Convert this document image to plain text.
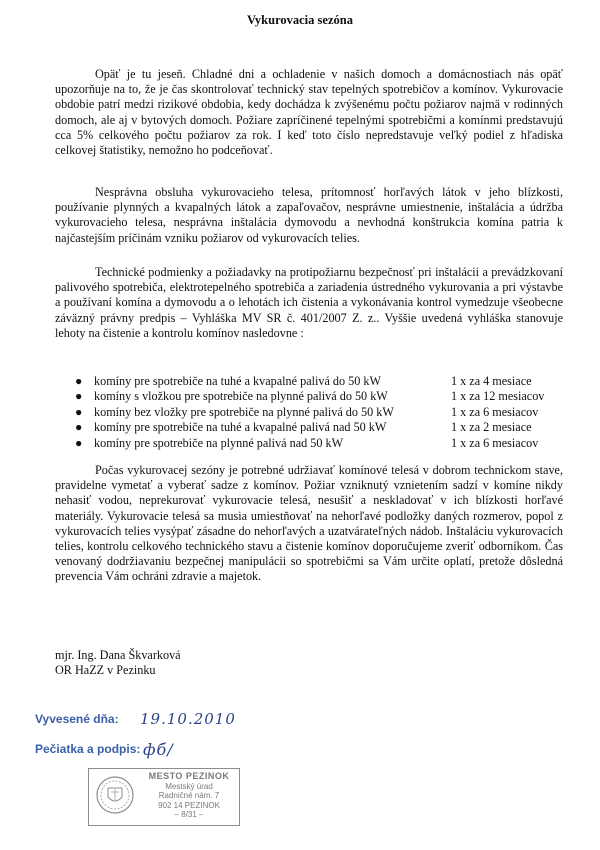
Vykurovacia sezóna

Opäť je tu jeseň. Chladné dni a ochladenie v našich domoch a domácnostiach nás opäť upozorňuje na to, že je čas skontrolovať technický stav tepelných spotrebičov a komínov. Vykurovacie obdobie patrí medzi rizikové obdobia, kedy dochádza k zvýšenému počtu požiarov najmä v rodinných domoch, ale aj v bytových domoch. Požiare zapríčinené tepelnými spotrebičmi a komínmi predstavujú cca 5% celkového počtu požiarov za rok. I keď toto číslo nepredstavuje veľký podiel z hľadiska celkovej štatistiky, nemožno ho podceňovať.

Nesprávna obsluha vykurovacieho telesa, prítomnosť horľavých látok v jeho blízkosti, používanie plynných a kvapalných látok a zapaľovačov, nesprávne umiestnenie, inštalácia a údržba vykurovacieho telesa, nesprávna inštalácia dymovodu a nevhodná konštrukcia komína patria k najčastejším príčinám vzniku požiarov od vykurovacích telies.

Technické podmienky a požiadavky na protipožiarnu bezpečnosť pri inštalácii a prevádzkovaní palivového spotrebiča, elektrotepelného spotrebiča a zariadenia ústredného vykurovania a pri výstavbe a používaní komína a dymovodu a o lehotách ich čistenia a vykonávania kontrol vymedzuje všeobecne záväzný právny predpis – Vyhláška MV SR č. 401/2007 Z. z.. Vyššie uvedená vyhláška stanovuje lehoty na čistenie a kontrolu komínov nasledovne :

● komíny pre spotrebiče na tuhé a kvapalné palivá do 50 kW	1 x za 4 mesiace
● komíny s vložkou pre spotrebiče na plynné palivá do 50 kW	1 x za 12 mesiacov
● komíny bez vložky pre spotrebiče na plynné palivá do 50 kW	1 x za 6 mesiacov
● komíny pre spotrebiče na tuhé a kvapalné palivá nad 50 kW	1 x za 2 mesiace
● komíny pre spotrebiče na plynné palivá nad 50 kW	1 x za 6 mesiacov

Počas vykurovacej sezóny je potrebné udržiavať komínové telesá v dobrom technickom stave, pravidelne vymetať a vyberať sadze z komínov. Požiar vzniknutý vznietením sadzí v komíne nikdy nehasiť vodou, neprekurovať vykurovacie telesá, nesušiť a neskladovať v ich blízkosti horľavé materiály. Vykurovacie telesá sa musia umiestňovať na nehorľavé podložky daných rozmerov, popol z vykurovacích telies vysýpať zásadne do nehorľavých a uzatvárateľných nádob. Inštaláciu vykurovacích telies, kontrolu celkového technického stavu a čistenie komínov doporučujeme zveriť odborníkom. Čas venovaný dodržiavaniu bezpečnej manipulácii so spotrebičmi sa Vám určite oplatí, pretože dôsledná prevencia Vám ochráni zdravie a majetok.

mjr. Ing. Dana Škvarková
OR HaZZ v Pezinku
Vyvesené dňa: 19.10.2010
Pečiatka a podpis: фб/
MESTO PEZINOK
Mestský úrad
Radničné nám. 7
902 14 PEZINOK
– 8/31 –
